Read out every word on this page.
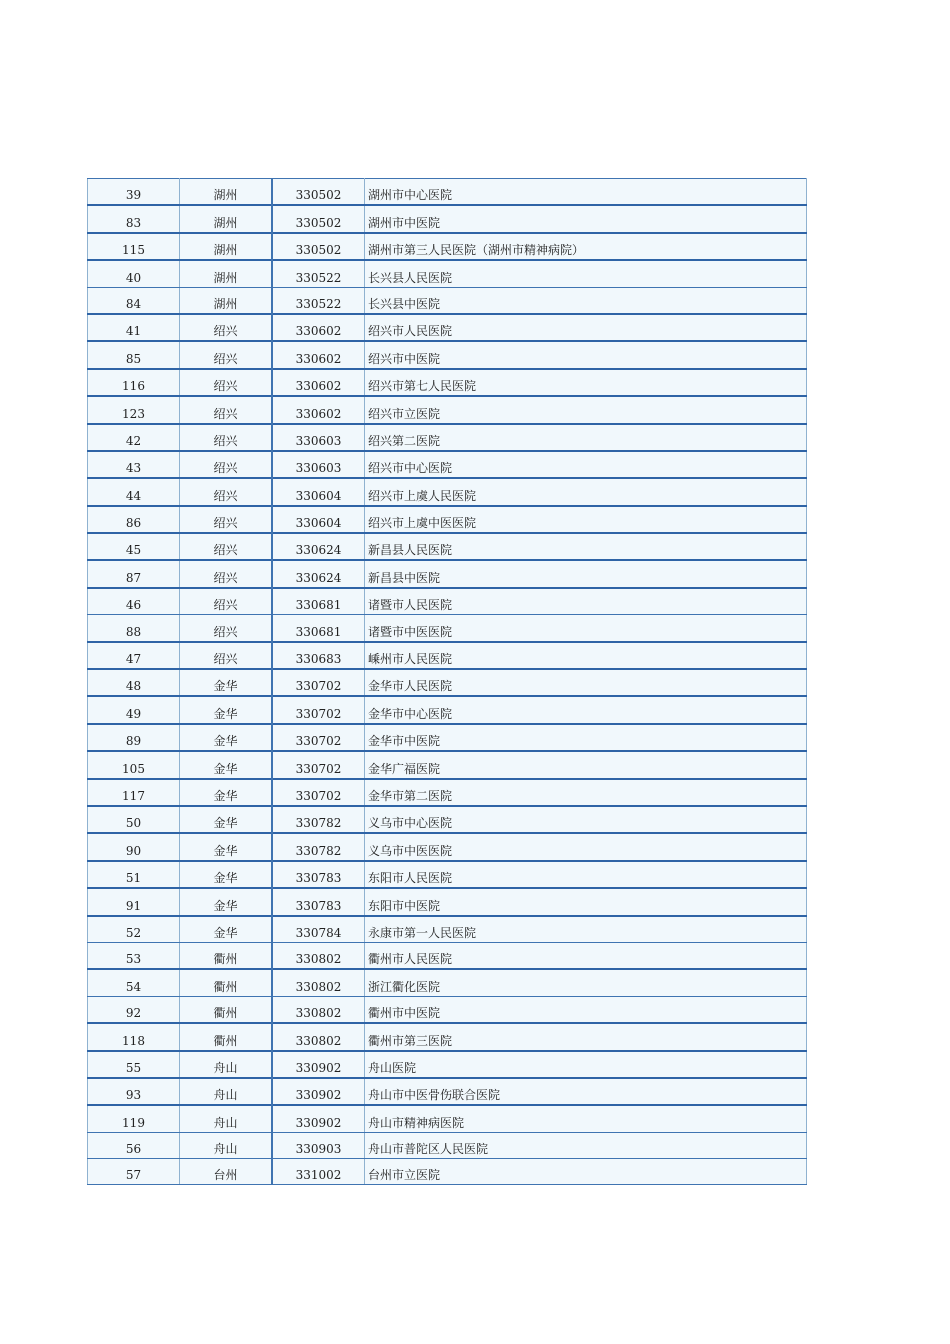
39	湖州	330502	湖州市中心医院
83	湖州	330502	湖州市中医院
115	湖州	330502	湖州市第三人民医院（湖州市精神病院）
40	湖州	330522	长兴县人民医院
84	湖州	330522	长兴县中医院
41	绍兴	330602	绍兴市人民医院
85	绍兴	330602	绍兴市中医院
116	绍兴	330602	绍兴市第七人民医院
123	绍兴	330602	绍兴市立医院
42	绍兴	330603	绍兴第二医院
43	绍兴	330603	绍兴市中心医院
44	绍兴	330604	绍兴市上虞人民医院
86	绍兴	330604	绍兴市上虞中医医院
45	绍兴	330624	新昌县人民医院
87	绍兴	330624	新昌县中医院
46	绍兴	330681	诸暨市人民医院
88	绍兴	330681	诸暨市中医医院
47	绍兴	330683	嵊州市人民医院
48	金华	330702	金华市人民医院
49	金华	330702	金华市中心医院
89	金华	330702	金华市中医院
105	金华	330702	金华广福医院
117	金华	330702	金华市第二医院
50	金华	330782	义乌市中心医院
90	金华	330782	义乌市中医医院
51	金华	330783	东阳市人民医院
91	金华	330783	东阳市中医院
52	金华	330784	永康市第一人民医院
53	衢州	330802	衢州市人民医院
54	衢州	330802	浙江衢化医院
92	衢州	330802	衢州市中医院
118	衢州	330802	衢州市第三医院
55	舟山	330902	舟山医院
93	舟山	330902	舟山市中医骨伤联合医院
119	舟山	330902	舟山市精神病医院
56	舟山	330903	舟山市普陀区人民医院
57	台州	331002	台州市立医院
